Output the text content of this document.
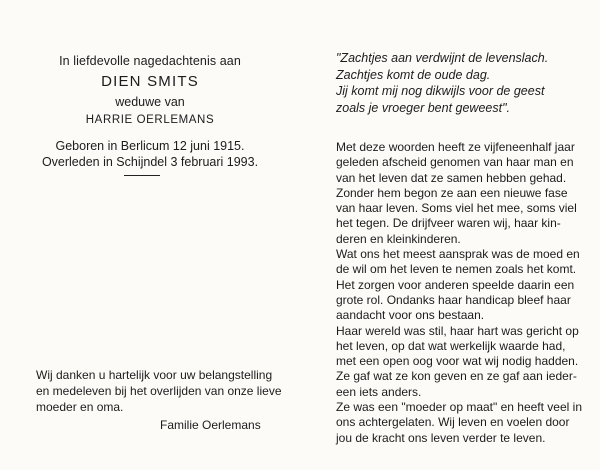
In liefdevolle nagedachtenis aan
DIEN SMITS
weduwe van
HARRIE OERLEMANS
Geboren in Berlicum 12 juni 1915.
Overleden in Schijndel 3 februari 1993.
Wij danken u hartelijk voor uw belangstelling
en medeleven bij het overlijden van onze lieve
moeder en oma.
Familie Oerlemans
"Zachtjes aan verdwijnt de levenslach.
Zachtjes komt de oude dag.
Jij komt mij nog dikwijls voor de geest
zoals je vroeger bent geweest".
Met deze woorden heeft ze vijfeneenhalf jaar
geleden afscheid genomen van haar man en
van het leven dat ze samen hebben gehad.
Zonder hem begon ze aan een nieuwe fase
van haar leven. Soms viel het mee, soms viel
het tegen. De drijfveer waren wij, haar kin-
deren en kleinkinderen.
Wat ons het meest aansprak was de moed en
de wil om het leven te nemen zoals het komt.
Het zorgen voor anderen speelde daarin een
grote rol. Ondanks haar handicap bleef haar
aandacht voor ons bestaan.
Haar wereld was stil, haar hart was gericht op
het leven, op dat wat werkelijk waarde had,
met een open oog voor wat wij nodig hadden.
Ze gaf wat ze kon geven en ze gaf aan ieder-
een iets anders.
Ze was een "moeder op maat" en heeft veel in
ons achtergelaten. Wij leven en voelen door
jou de kracht ons leven verder te leven.
